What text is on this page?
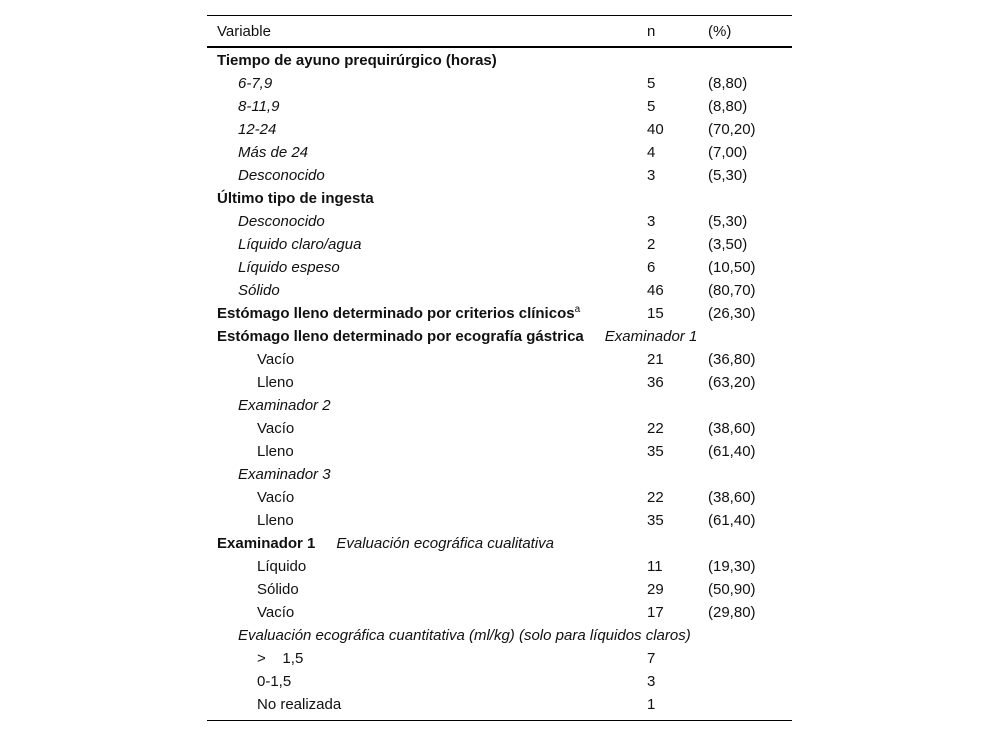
Variable	n	(%)
Tiempo de ayuno prequirúrgico (horas)
6-7,9	5	(8,80)
8-11,9	5	(8,80)
12-24	40	(70,20)
Más de 24	4	(7,00)
Desconocido	3	(5,30)
Último tipo de ingesta
Desconocido	3	(5,30)
Líquido claro/agua	2	(3,50)
Líquido espeso	6	(10,50)
Sólido	46	(80,70)
Estómago lleno determinado por criterios clínicos$^a$	15	(26,30)
Estómago lleno determinado por ecografía gástrica Examinador 1
Vacío	21	(36,80)
Lleno	36	(63,20)
Examinador 2
Vacío	22	(38,60)
Lleno	35	(61,40)
Examinador 3
Vacío	22	(38,60)
Lleno	35	(61,40)
Examinador 1 Evaluación ecográfica cualitativa
Líquido	11	(19,30)
Sólido	29	(50,90)
Vacío	17	(29,80)
Evaluación ecográfica cuantitativa (ml/kg) (solo para líquidos claros)
>    1,5	7
0-1,5	3
No realizada	1
